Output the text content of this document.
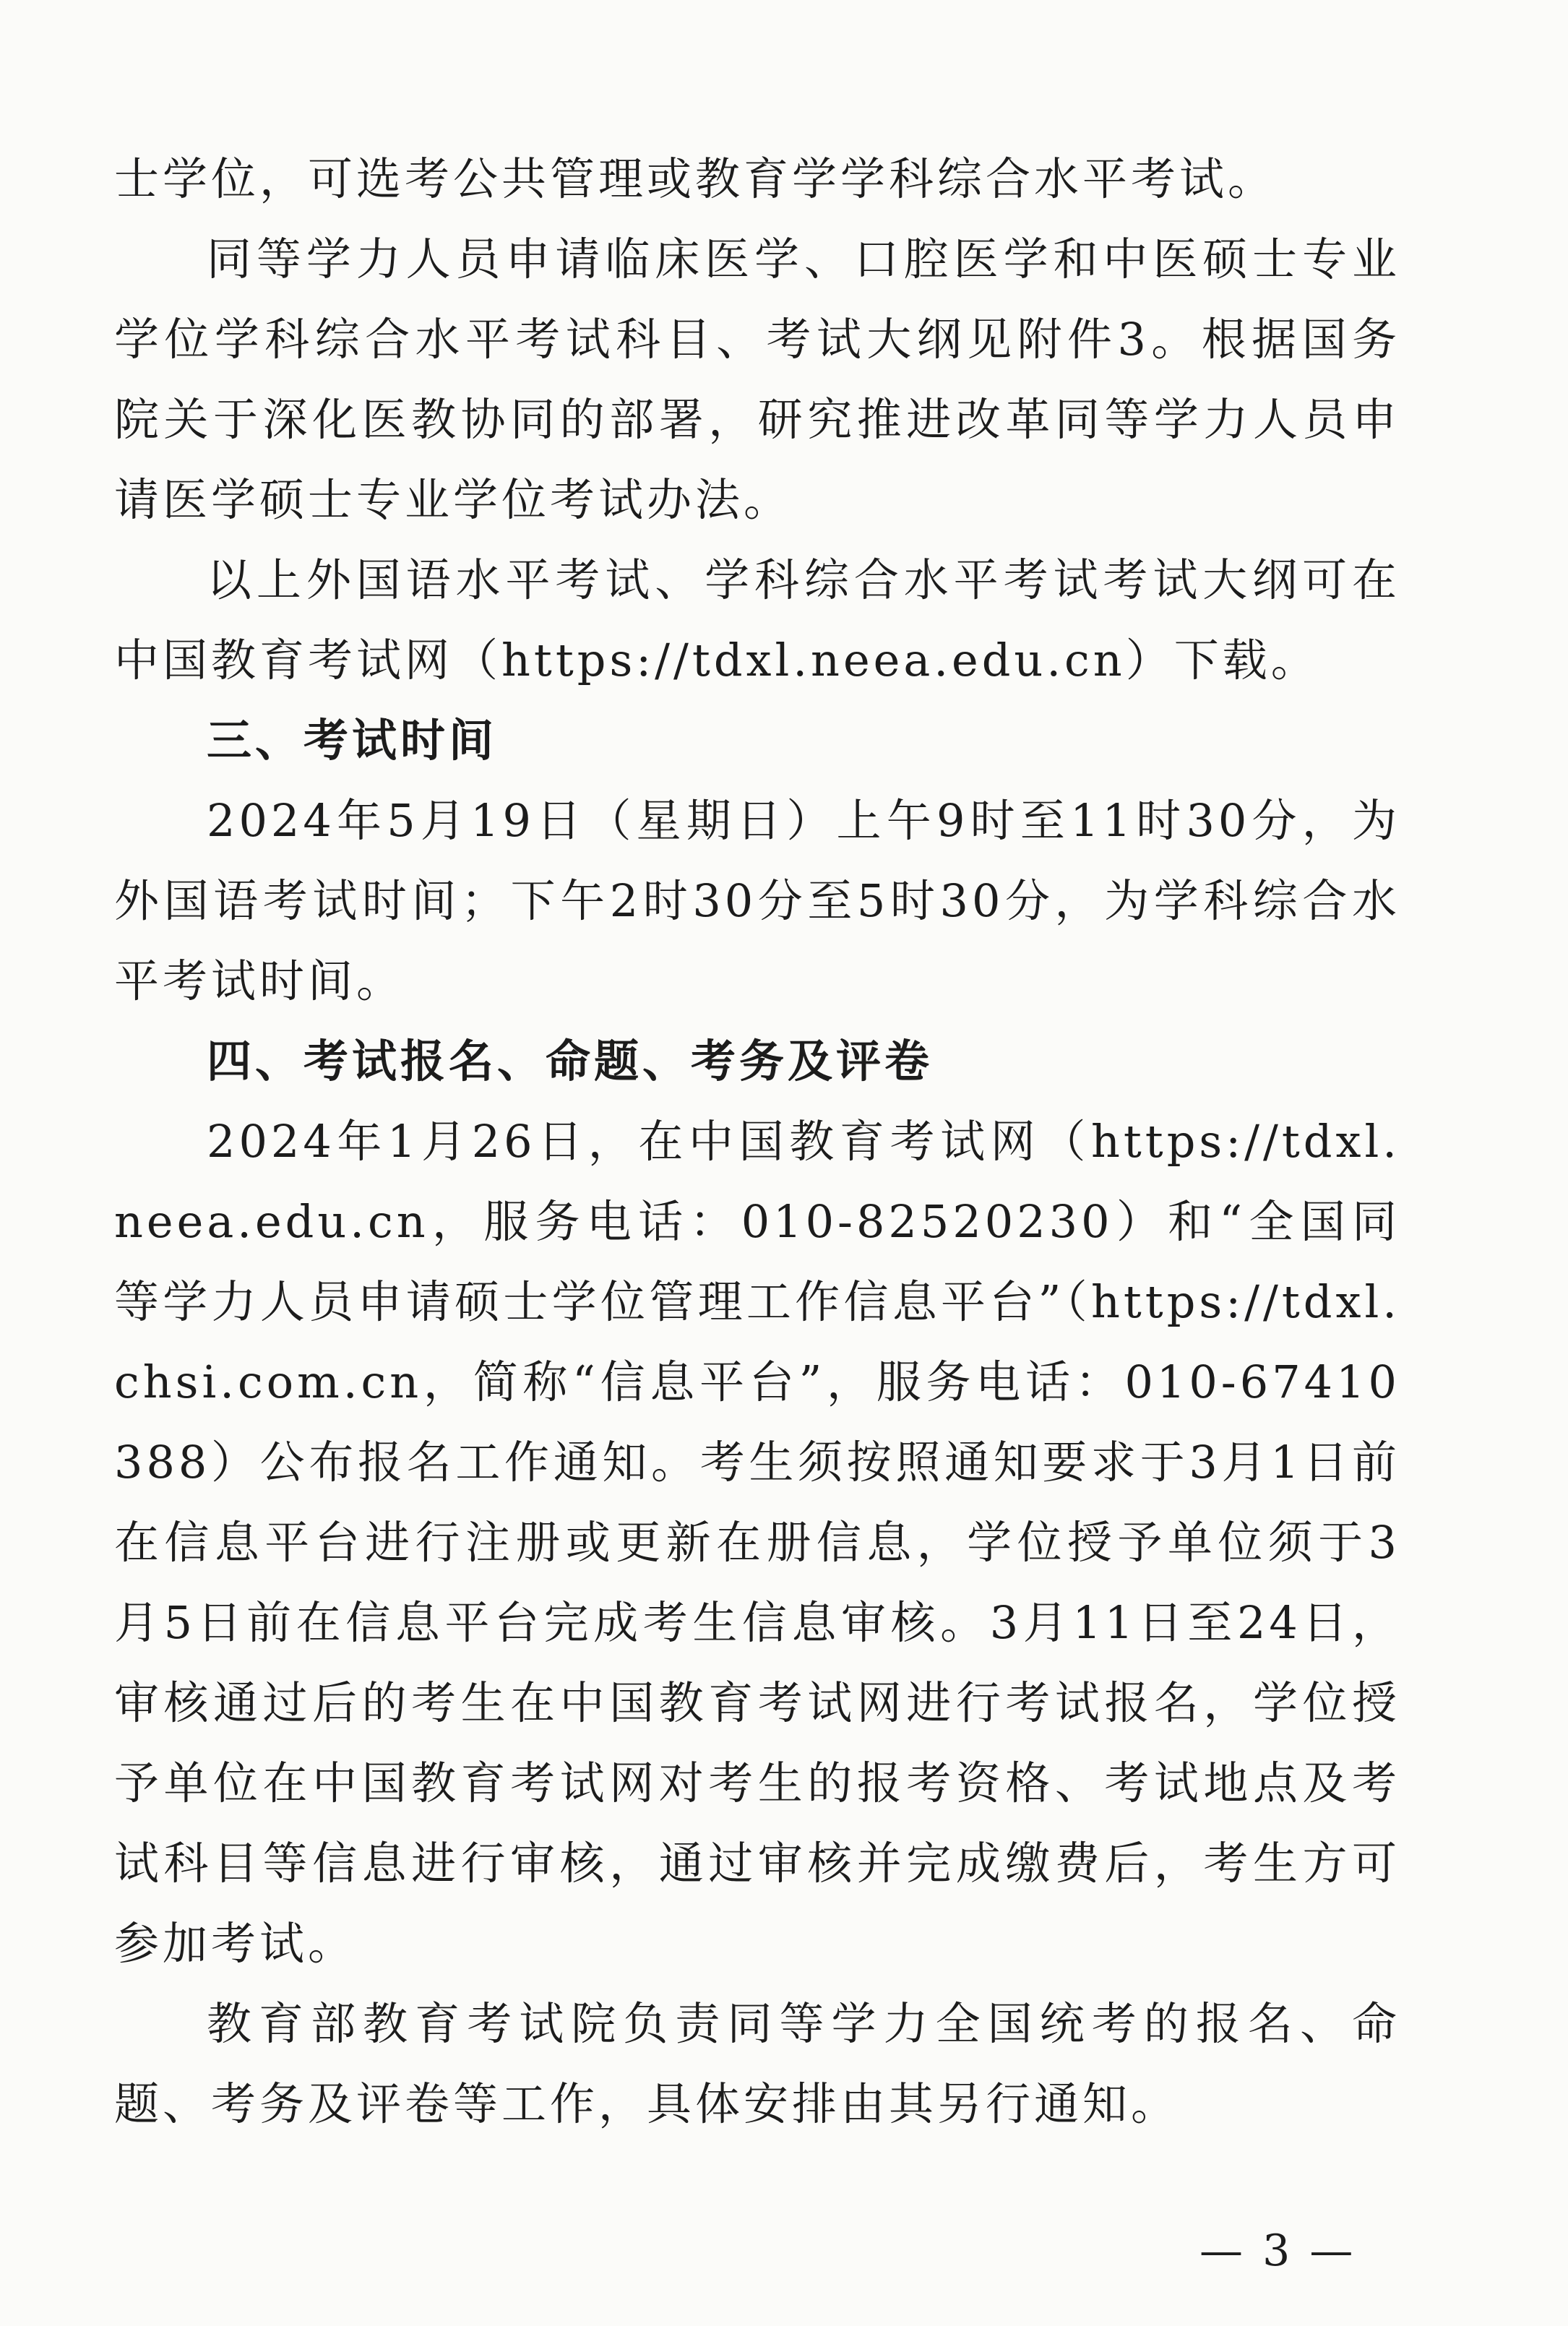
士学位，可选考公共管理或教育学学科综合水平考试。

同等学力人员申请临床医学、口腔医学和中医硕士专业学位学科综合水平考试科目、考试大纲见附件3。根据国务院关于深化医教协同的部署，研究推进改革同等学力人员申请医学硕士专业学位考试办法。

以上外国语水平考试、学科综合水平考试考试大纲可在中国教育考试网（https://tdxl.neea.edu.cn）下载。

三、考试时间

2024年5月19日（星期日）上午9时至11时30分，为外国语考试时间；下午2时30分至5时30分，为学科综合水平考试时间。

四、考试报名、命题、考务及评卷

2024年1月26日，在中国教育考试网（https://tdxl.neea.edu.cn，服务电话：010-82520230）和“全国同等学力人员申请硕士学位管理工作信息平台”（https://tdxl.chsi.com.cn，简称“信息平台”，服务电话：010-67410388）公布报名工作通知。考生须按照通知要求于3月1日前在信息平台进行注册或更新在册信息，学位授予单位须于3月5日前在信息平台完成考生信息审核。3月11日至24日，审核通过后的考生在中国教育考试网进行考试报名，学位授予单位在中国教育考试网对考生的报考资格、考试地点及考试科目等信息进行审核，通过审核并完成缴费后，考生方可参加考试。

教育部教育考试院负责同等学力全国统考的报名、命题、考务及评卷等工作，具体安排由其另行通知。

— 3 —
